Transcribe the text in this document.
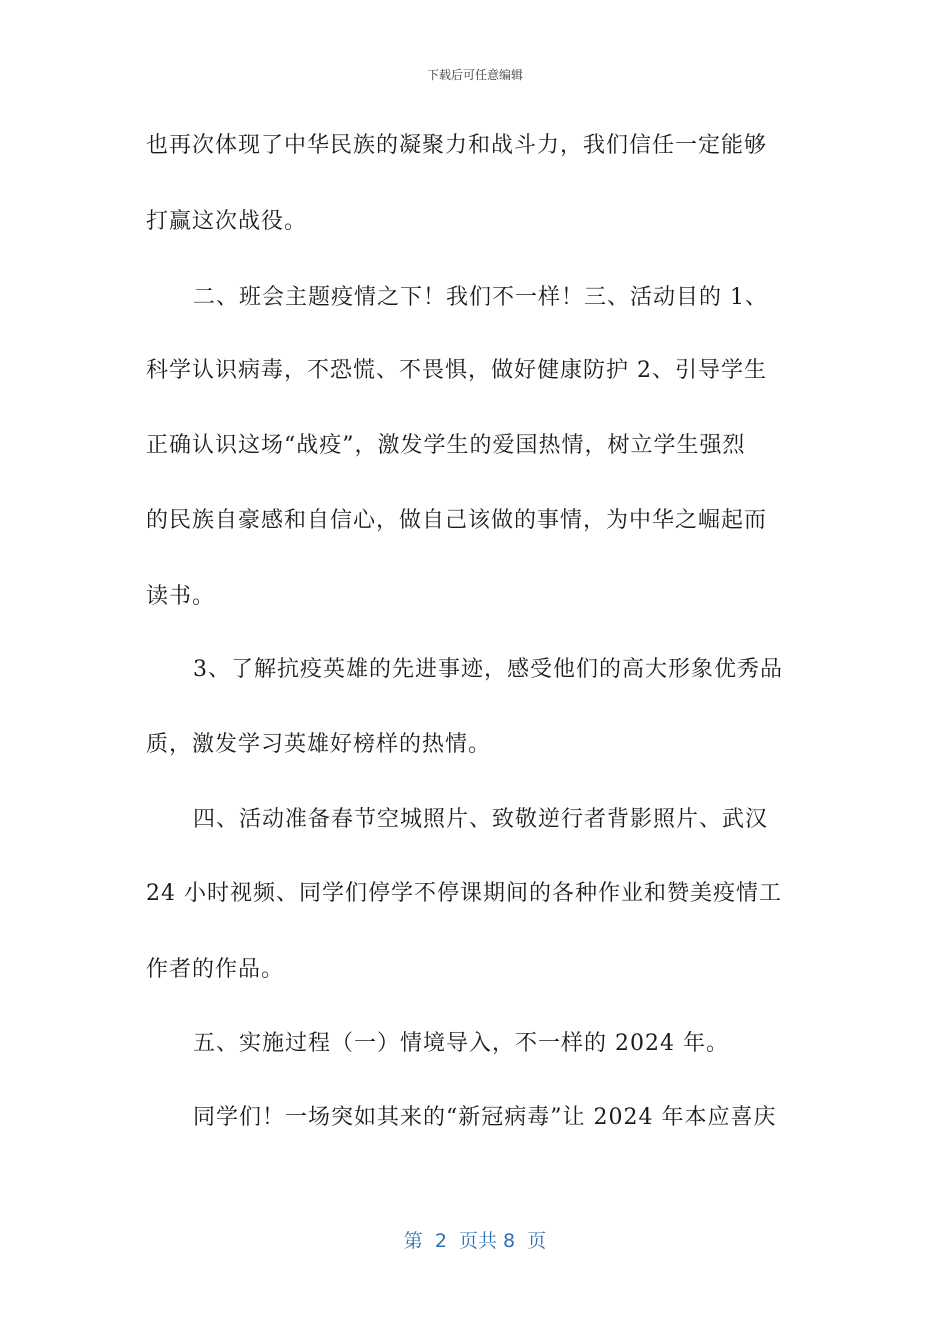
下载后可任意编辑
也再次体现了中华民族的凝聚力和战斗力，我们信任一定能够
打赢这次战役。
二、班会主题疫情之下！我们不一样！三、活动目的 1、
科学认识病毒，不恐慌、不畏惧，做好健康防护 2、引导学生
正确认识这场“战疫”，激发学生的爱国热情，树立学生强烈
的民族自豪感和自信心，做自己该做的事情，为中华之崛起而
读书。
3、了解抗疫英雄的先进事迹，感受他们的高大形象优秀品
质，激发学习英雄好榜样的热情。
四、活动准备春节空城照片、致敬逆行者背影照片、武汉
24 小时视频、同学们停学不停课期间的各种作业和赞美疫情工
作者的作品。
五、实施过程（一）情境导入，不一样的 2024 年。
同学们！一场突如其来的“新冠病毒”让 2024 年本应喜庆
第  2  页共 8  页
